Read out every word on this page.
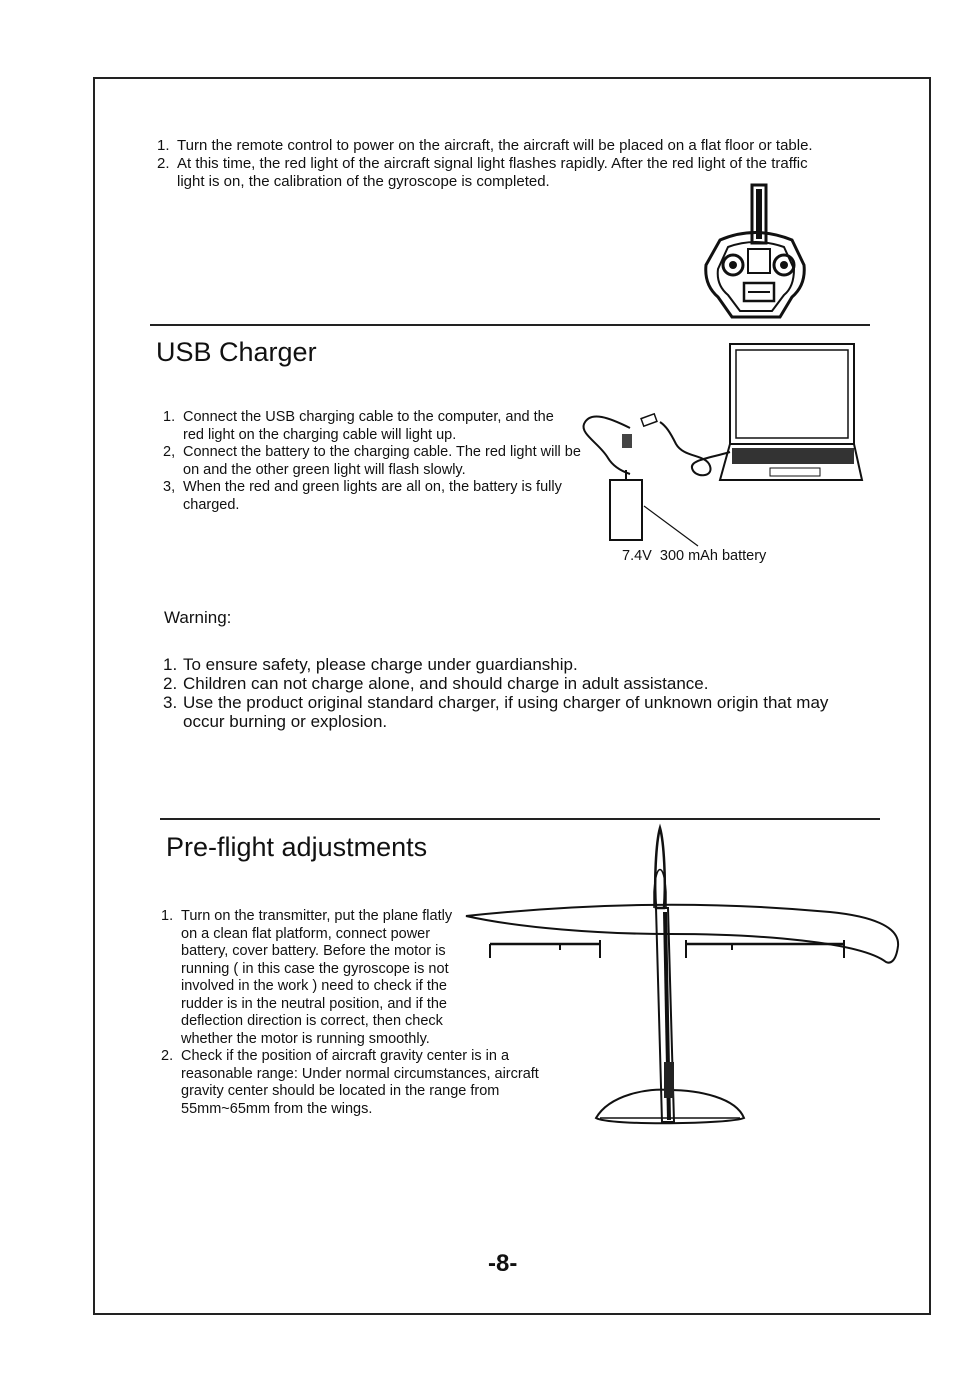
1. Turn the remote control to power on the aircraft, the aircraft will be placed on a flat floor or table.
2. At this time, the red light of the aircraft signal light flashes rapidly. After the red light of the traffic light is on, the calibration of the gyroscope is completed.
USB Charger
1. Connect the USB charging cable to the computer, and the red light on the charging cable will light up.
2, Connect the battery to the charging cable. The red light will be on and the other green light will flash slowly.
3, When the red and green lights are all on, the battery is fully charged.
7.4V  300 mAh battery
Warning:
1. To ensure safety, please charge under guardianship.
2. Children can not charge alone, and should charge in adult assistance.
3. Use the product original standard charger, if using charger of unknown origin that may occur burning or explosion.
Pre-flight adjustments
1. Turn on the transmitter, put the plane flatly on a clean flat platform, connect power battery, cover battery. Before the motor is running ( in this case the gyroscope is not involved in the work ) need to check if the rudder is in the neutral position, and if the deflection direction is correct, then check whether the motor is running smoothly.
2. Check if the position of aircraft gravity center is in a reasonable range: Under normal circumstances, aircraft gravity center should be located in the range from 55mm~65mm from the wings.
-8-
